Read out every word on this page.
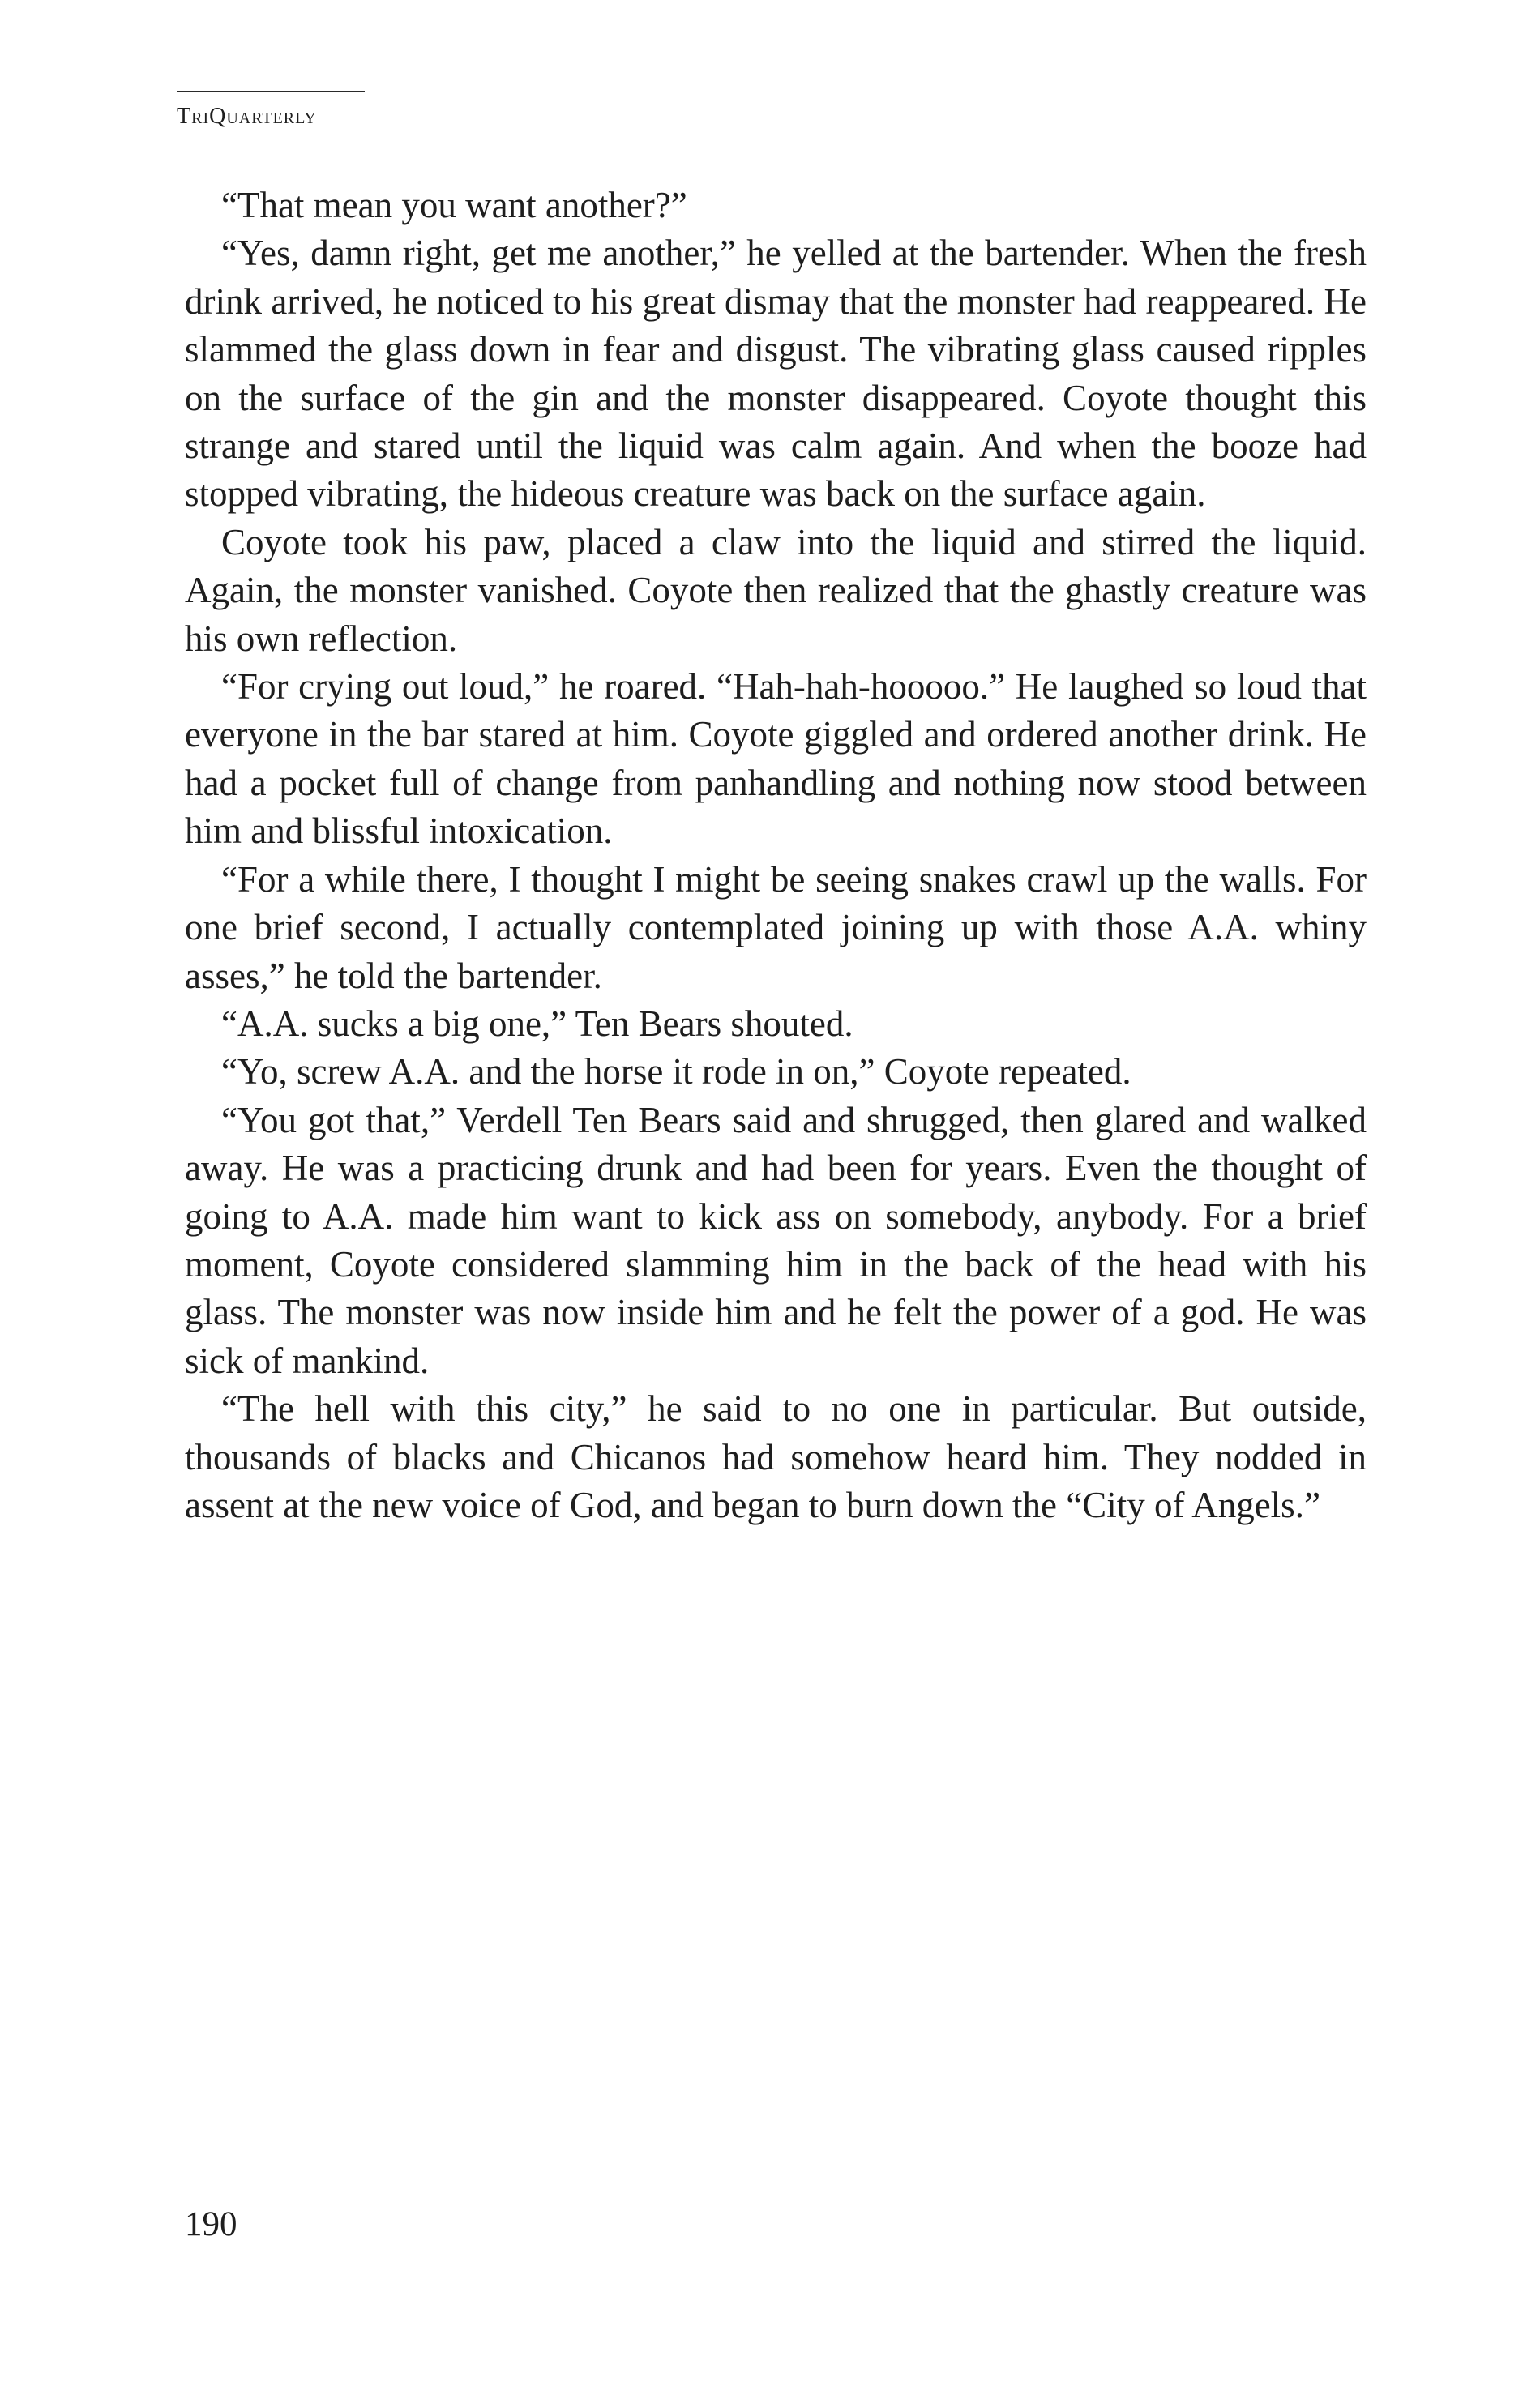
TriQuarterly

“That mean you want another?”

“Yes, damn right, get me another,” he yelled at the bartender. When the fresh drink arrived, he noticed to his great dismay that the monster had reappeared. He slammed the glass down in fear and disgust. The vibrating glass caused ripples on the surface of the gin and the monster disappeared. Coyote thought this strange and stared until the liquid was calm again. And when the booze had stopped vibrating, the hideous creature was back on the surface again.

Coyote took his paw, placed a claw into the liquid and stirred the liquid. Again, the monster vanished. Coyote then realized that the ghastly creature was his own reflection.

“For crying out loud,” he roared. “Hah-hah-hooooo.” He laughed so loud that everyone in the bar stared at him. Coyote giggled and ordered another drink. He had a pocket full of change from panhandling and nothing now stood between him and blissful intoxication.

“For a while there, I thought I might be seeing snakes crawl up the walls. For one brief second, I actually contemplated joining up with those A.A. whiny asses,” he told the bartender.

“A.A. sucks a big one,” Ten Bears shouted.

“Yo, screw A.A. and the horse it rode in on,” Coyote repeated.

“You got that,” Verdell Ten Bears said and shrugged, then glared and walked away. He was a practicing drunk and had been for years. Even the thought of going to A.A. made him want to kick ass on somebody, anybody. For a brief moment, Coyote considered slamming him in the back of the head with his glass. The monster was now inside him and he felt the power of a god. He was sick of mankind.

“The hell with this city,” he said to no one in particular. But outside, thousands of blacks and Chicanos had somehow heard him. They nodded in assent at the new voice of God, and began to burn down the “City of Angels.”

190
